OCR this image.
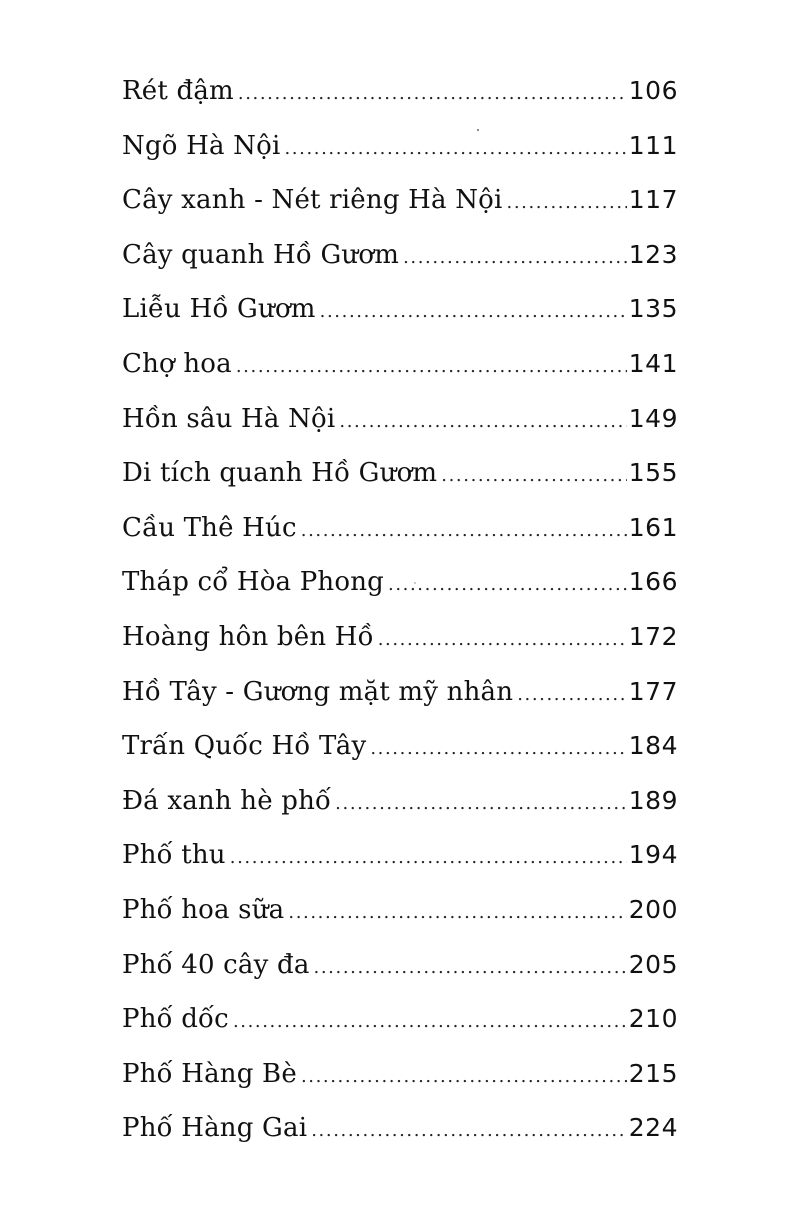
Rét đậm .....	106
Ngõ Hà Nội .....	111
Cây xanh - Nét riêng Hà Nội .....	117
Cây quanh Hồ Gươm .....	123
Liễu Hồ Gươm .....	135
Chợ hoa .....	141
Hồn sâu Hà Nội .....	149
Di tích quanh Hồ Gươm .....	155
Cầu Thê Húc .....	161
Tháp cổ Hòa Phong .....	166
Hoàng hôn bên Hồ .....	172
Hồ Tây - Gương mặt mỹ nhân .....	177
Trấn Quốc Hồ Tây .....	184
Đá xanh hè phố .....	189
Phố thu .....	194
Phố hoa sữa .....	200
Phố 40 cây đa .....	205
Phố dốc .....	210
Phố Hàng Bè .....	215
Phố Hàng Gai .....	224
